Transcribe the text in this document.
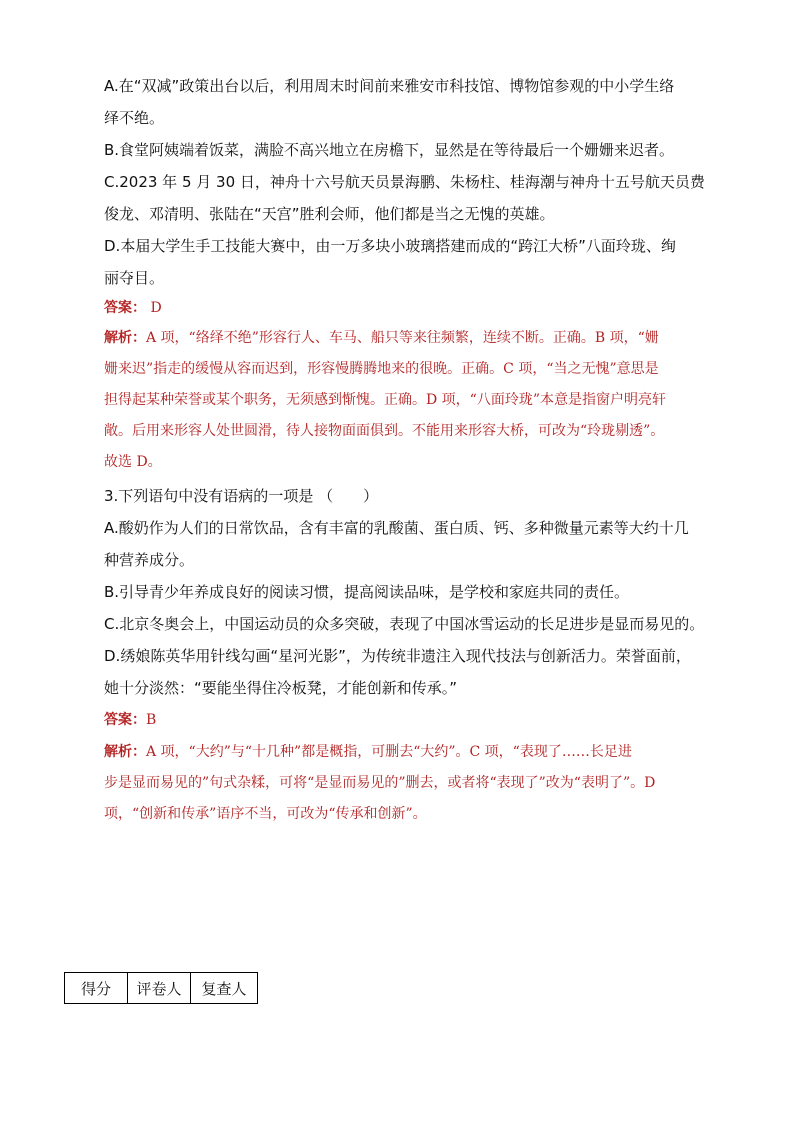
A.在“双减”政策出台以后，利用周末时间前来雅安市科技馆、博物馆参观的中小学生络
绎不绝。
B.食堂阿姨端着饭菜，满脸不高兴地立在房檐下，显然是在等待最后一个姗姗来迟者。
C.2023 年 5 月 30 日，神舟十六号航天员景海鹏、朱杨柱、桂海潮与神舟十五号航天员费
俊龙、邓清明、张陆在“天宫”胜利会师，他们都是当之无愧的英雄。
D.本届大学生手工技能大赛中，由一万多块小玻璃搭建而成的“跨江大桥”八面玲珑、绚
丽夺目。
答案： D
解析：A 项，“络绎不绝”形容行人、车马、船只等来往频繁，连续不断。正确。B 项，“姗
姗来迟”指走的缓慢从容而迟到，形容慢腾腾地来的很晚。正确。C 项，“当之无愧”意思是
担得起某种荣誉或某个职务，无须感到惭愧。正确。D 项，“八面玲珑”本意是指窗户明亮轩
敞。后用来形容人处世圆滑，待人接物面面俱到。不能用来形容大桥，可改为“玲珑剔透”。
故选 D。
3.下列语句中没有语病的一项是 （　　）
A.酸奶作为人们的日常饮品，含有丰富的乳酸菌、蛋白质、钙、多种微量元素等大约十几
种营养成分。
B.引导青少年养成良好的阅读习惯，提高阅读品味，是学校和家庭共同的责任。
C.北京冬奥会上，中国运动员的众多突破，表现了中国冰雪运动的长足进步是显而易见的。
D.绣娘陈英华用针线勾画“星河光影”，为传统非遗注入现代技法与创新活力。荣誉面前，
她十分淡然：“要能坐得住冷板凳，才能创新和传承。”
答案：B
解析：A 项，“大约”与“十几种”都是概指，可删去“大约”。C 项，“表现了……长足进
步是显而易见的”句式杂糅，可将“是显而易见的”删去，或者将“表现了”改为“表明了”。D
项，“创新和传承”语序不当，可改为“传承和创新”。
得分	评卷人	复查人
